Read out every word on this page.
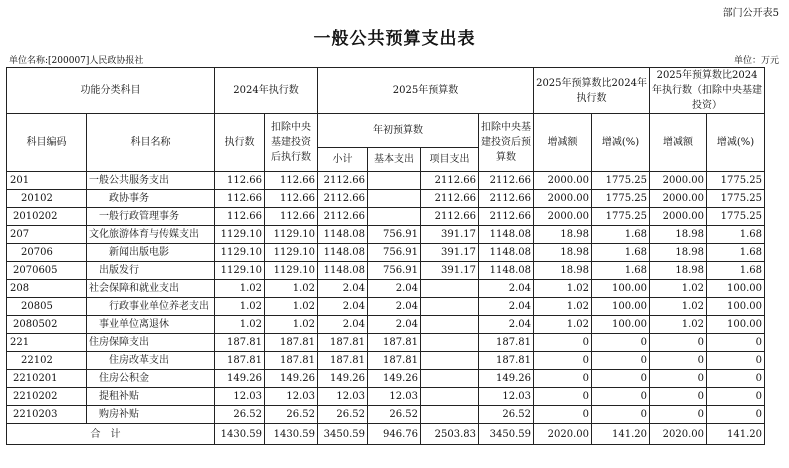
部门公开表5
一般公共预算支出表
单位名称:[200007]人民政协报社	单位：万元
功能分类科目		2024年执行数		2025年预算数				2025年预算数比2024年执行数		2025年预算数比2024年执行数（扣除中央基建投资）	
科目编码	科目名称	执行数	扣除中央基建投资后执行数	年初预算数			扣除中央基建投资后预算数	增减额	增减(%)	增减额	增减(%)
				小计	基本支出	项目支出					
201	一般公共服务支出	112.66	112.66	2112.66		2112.66	2112.66	2000.00	1775.25	2000.00	1775.25
20102	政协事务	112.66	112.66	2112.66		2112.66	2112.66	2000.00	1775.25	2000.00	1775.25
2010202	一般行政管理事务	112.66	112.66	2112.66		2112.66	2112.66	2000.00	1775.25	2000.00	1775.25
207	文化旅游体育与传媒支出	1129.10	1129.10	1148.08	756.91	391.17	1148.08	18.98	1.68	18.98	1.68
20706	新闻出版电影	1129.10	1129.10	1148.08	756.91	391.17	1148.08	18.98	1.68	18.98	1.68
2070605	出版发行	1129.10	1129.10	1148.08	756.91	391.17	1148.08	18.98	1.68	18.98	1.68
208	社会保障和就业支出	1.02	1.02	2.04	2.04		2.04	1.02	100.00	1.02	100.00
20805	行政事业单位养老支出	1.02	1.02	2.04	2.04		2.04	1.02	100.00	1.02	100.00
2080502	事业单位离退休	1.02	1.02	2.04	2.04		2.04	1.02	100.00	1.02	100.00
221	住房保障支出	187.81	187.81	187.81	187.81		187.81	0	0	0	0
22102	住房改革支出	187.81	187.81	187.81	187.81		187.81	0	0	0	0
2210201	住房公积金	149.26	149.26	149.26	149.26		149.26	0	0	0	0
2210202	提租补贴	12.03	12.03	12.03	12.03		12.03	0	0	0	0
2210203	购房补贴	26.52	26.52	26.52	26.52		26.52	0	0	0	0
合计		1430.59	1430.59	3450.59	946.76	2503.83	3450.59	2020.00	141.20	2020.00	141.20
